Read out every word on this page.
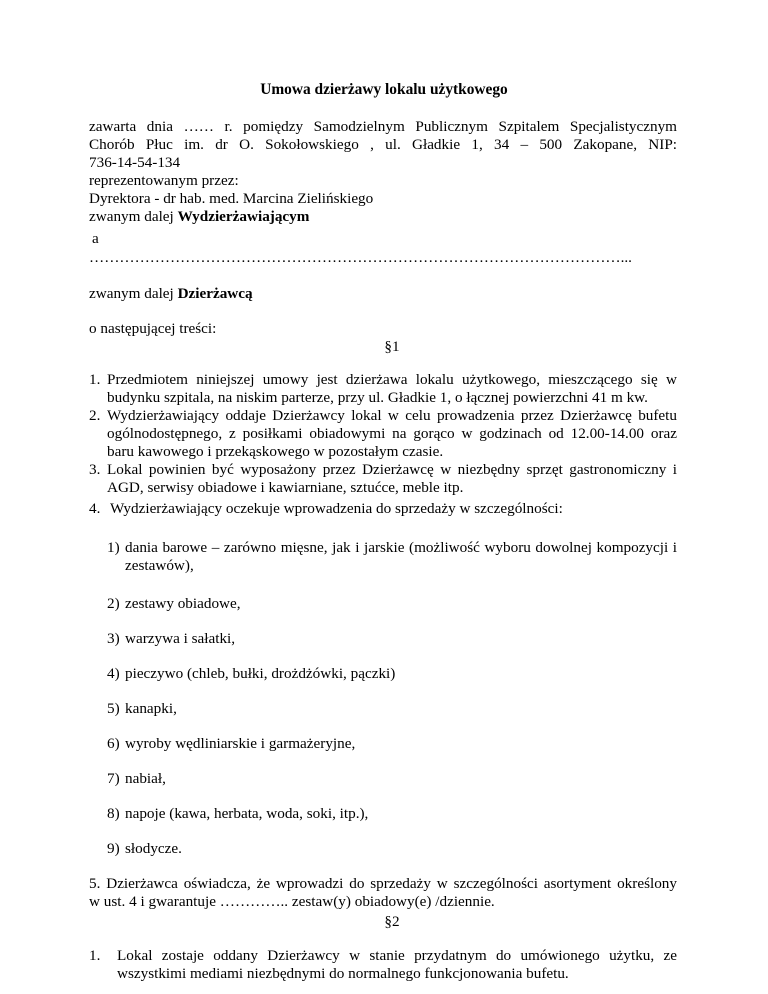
Umowa dzierżawy lokalu użytkowego
zawarta dnia …… r. pomiędzy Samodzielnym Publicznym Szpitalem Specjalistycznym
Chorób Płuc im. dr O. Sokołowskiego , ul. Gładkie 1, 34 – 500 Zakopane, NIP:
736-14-54-134
reprezentowanym przez:
Dyrektora - dr hab. med. Marcina Zielińskiego
zwanym dalej Wydzierżawiającym
a
……………………………………………………………………………………………...
zwanym dalej Dzierżawcą
o następującej treści:
§1
1. Przedmiotem niniejszej umowy jest dzierżawa lokalu użytkowego, mieszczącego się w budynku szpitala, na niskim parterze, przy ul. Gładkie 1, o łącznej powierzchni 41 m kw.
2. Wydzierżawiający oddaje Dzierżawcy lokal w celu prowadzenia przez Dzierżawcę bufetu ogólnodostępnego, z posiłkami obiadowymi na gorąco w godzinach od 12.00-14.00 oraz baru kawowego i przekąskowego w pozostałym czasie.
3. Lokal powinien być wyposażony przez Dzierżawcę w niezbędny sprzęt gastronomiczny i AGD, serwisy obiadowe i kawiarniane, sztućce, meble itp.
4. Wydzierżawiający oczekuje wprowadzenia do sprzedaży w szczególności:
1) dania barowe – zarówno mięsne, jak i jarskie (możliwość wyboru dowolnej kompozycji i zestawów),
2) zestawy obiadowe,
3) warzywa i sałatki,
4) pieczywo (chleb, bułki, drożdżówki, pączki)
5) kanapki,
6) wyroby wędliniarskie i garmażeryjne,
7) nabiał,
8) napoje (kawa, herbata, woda, soki, itp.),
9) słodycze.
5. Dzierżawca oświadcza, że wprowadzi do sprzedaży w szczególności asortyment określony
w ust. 4 i gwarantuje ………….. zestaw(y) obiadowy(e) /dziennie.
§2
1. Lokal zostaje oddany Dzierżawcy w stanie przydatnym do umówionego użytku, ze wszystkimi mediami niezbędnymi do normalnego funkcjonowania bufetu.
